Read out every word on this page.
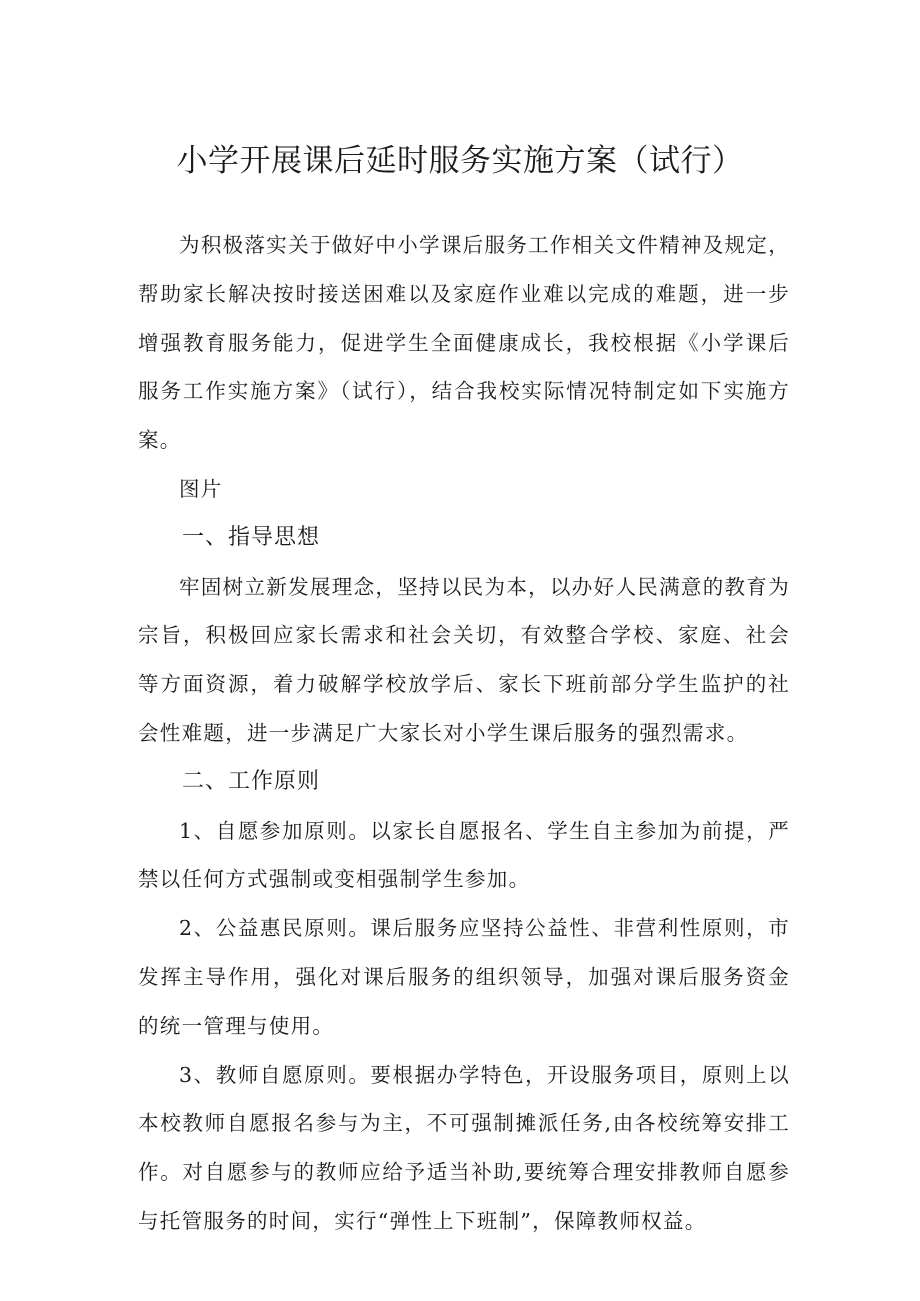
小学开展课后延时服务实施方案（试行）

为积极落实关于做好中小学课后服务工作相关文件精神及规定，帮助家长解决按时接送困难以及家庭作业难以完成的难题，进一步增强教育服务能力，促进学生全面健康成长，我校根据《小学课后服务工作实施方案》（试行），结合我校实际情况特制定如下实施方案。

图片

一、指导思想

牢固树立新发展理念，坚持以民为本，以办好人民满意的教育为宗旨，积极回应家长需求和社会关切，有效整合学校、家庭、社会等方面资源，着力破解学校放学后、家长下班前部分学生监护的社会性难题，进一步满足广大家长对小学生课后服务的强烈需求。

二、工作原则

1、自愿参加原则。以家长自愿报名、学生自主参加为前提，严禁以任何方式强制或变相强制学生参加。

2、公益惠民原则。课后服务应坚持公益性、非营利性原则，市发挥主导作用，强化对课后服务的组织领导，加强对课后服务资金的统一管理与使用。

3、教师自愿原则。要根据办学特色，开设服务项目，原则上以本校教师自愿报名参与为主，不可强制摊派任务,由各校统筹安排工作。对自愿参与的教师应给予适当补助,要统筹合理安排教师自愿参与托管服务的时间，实行“弹性上下班制”，保障教师权益。
